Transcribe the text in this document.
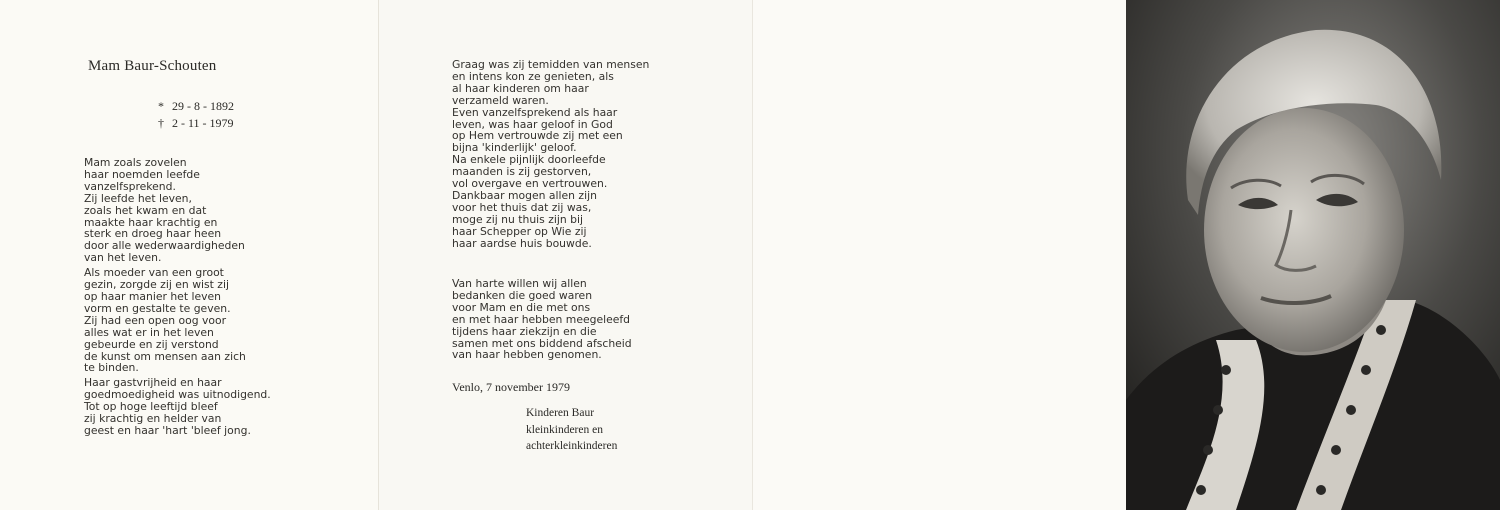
Mam Baur-Schouten
* 29 - 8 - 1892
† 2 - 11 - 1979
Mam zoals zovelen
haar noemden leefde
vanzelfsprekend.
Zij leefde het leven,
zoals het kwam en dat
maakte haar krachtig en
sterk en droeg haar heen
door alle wederwaardigheden
van het leven.
Als moeder van een groot
gezin, zorgde zij en wist zij
op haar manier het leven
vorm en gestalte te geven.
Zij had een open oog voor
alles wat er in het leven
gebeurde en zij verstond
de kunst om mensen aan zich
te binden.
Haar gastvrijheid en haar
goedmoedigheid was uitnodigend.
Tot op hoge leeftijd bleef
zij krachtig en helder van
geest en haar 'hart 'bleef jong.
Graag was zij temidden van mensen
en intens kon ze genieten, als
al haar kinderen om haar
verzameld waren.
Even vanzelfsprekend als haar
leven, was haar geloof in God
op Hem vertrouwde zij met een
bijna 'kinderlijk' geloof.
Na enkele pijnlijk doorleefde
maanden is zij gestorven,
vol overgave en vertrouwen.
Dankbaar mogen allen zijn
voor het thuis dat zij was,
moge zij nu thuis zijn bij
haar Schepper op Wie zij
haar aardse huis bouwde.
Van harte willen wij allen
bedanken die goed waren
voor Mam en die met ons
en met haar hebben meegeleefd
tijdens haar ziekzijn en die
samen met ons biddend afscheid
van haar hebben genomen.
Venlo, 7 november 1979
Kinderen Baur
kleinkinderen en
achterkleinkinderen
